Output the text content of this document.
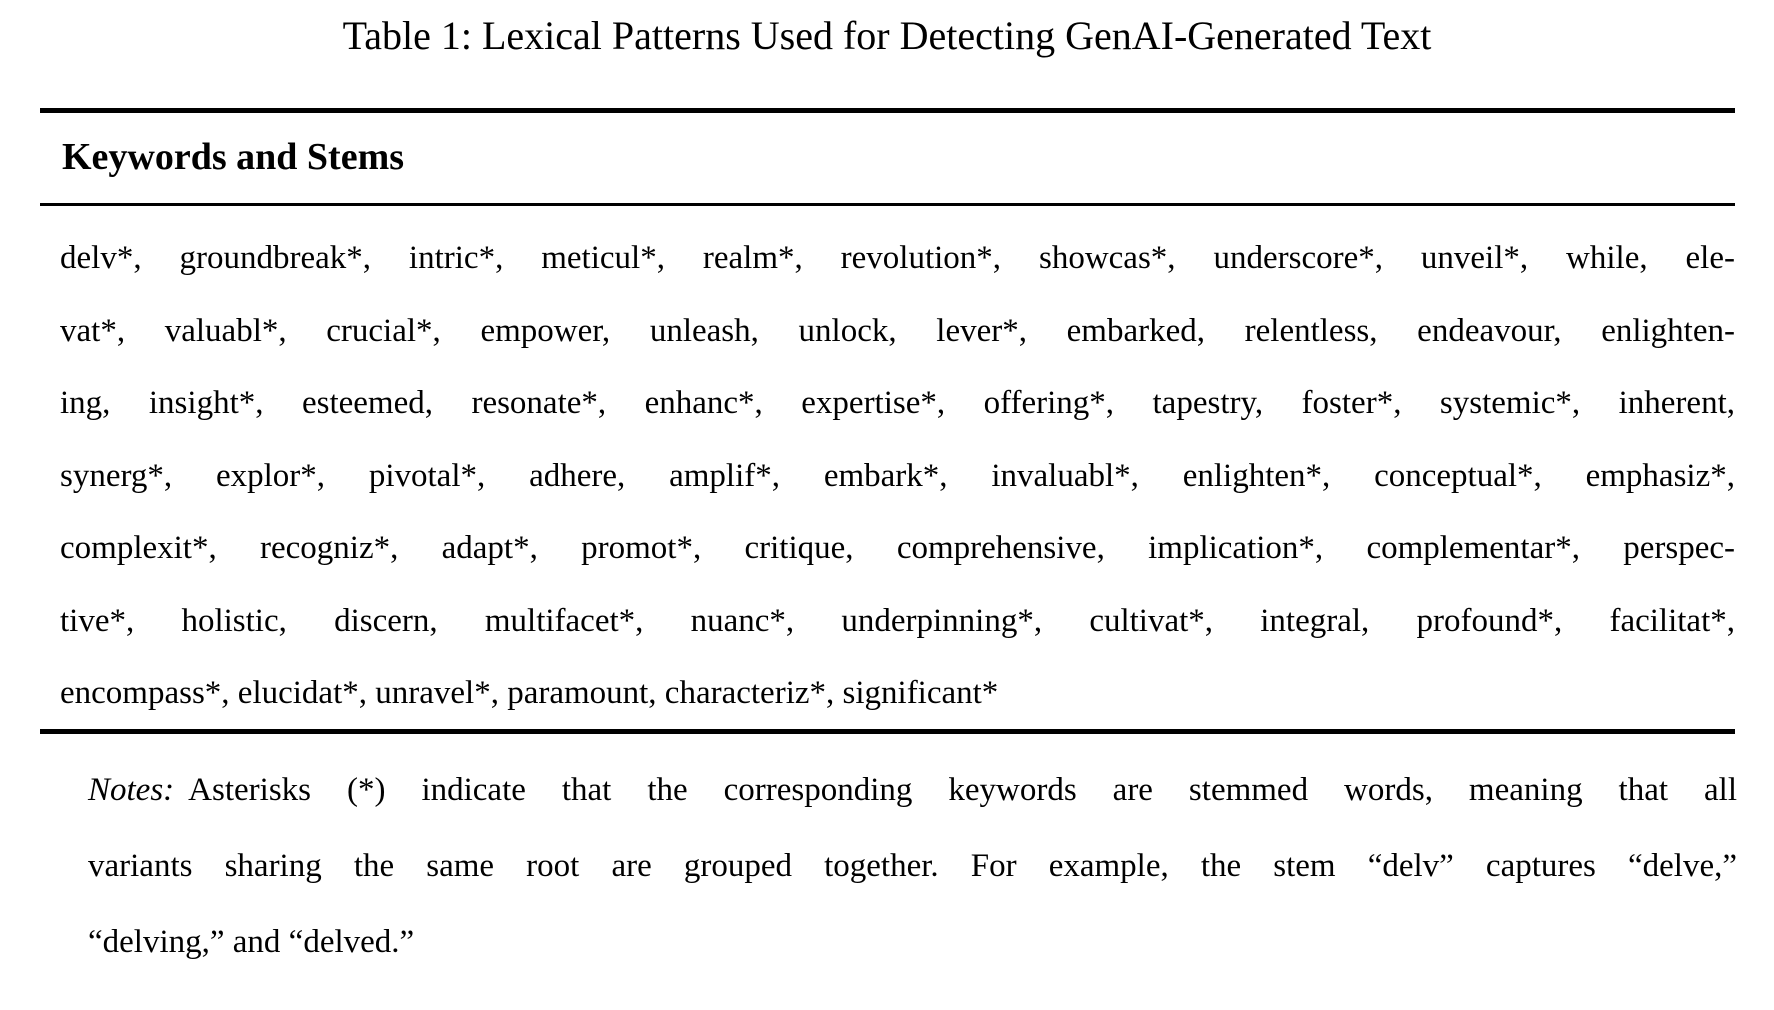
Table 1: Lexical Patterns Used for Detecting GenAI-Generated Text
Keywords and Stems
delv*, groundbreak*, intric*, meticul*, realm*, revolution*, showcas*, underscore*, unveil*, while, ele-
vat*, valuabl*, crucial*, empower, unleash, unlock, lever*, embarked, relentless, endeavour, enlighten-
ing, insight*, esteemed, resonate*, enhanc*, expertise*, offering*, tapestry, foster*, systemic*, inherent,
synerg*, explor*, pivotal*, adhere, amplif*, embark*, invaluabl*, enlighten*, conceptual*, emphasiz*,
complexit*, recogniz*, adapt*, promot*, critique, comprehensive, implication*, complementar*, perspec-
tive*, holistic, discern, multifacet*, nuanc*, underpinning*, cultivat*, integral, profound*, facilitat*,
encompass*, elucidat*, unravel*, paramount, characteriz*, significant*
Notes: Asterisks (*) indicate that the corresponding keywords are stemmed words, meaning that all
variants sharing the same root are grouped together. For example, the stem “delv” captures “delve,”
“delving,” and “delved.”
